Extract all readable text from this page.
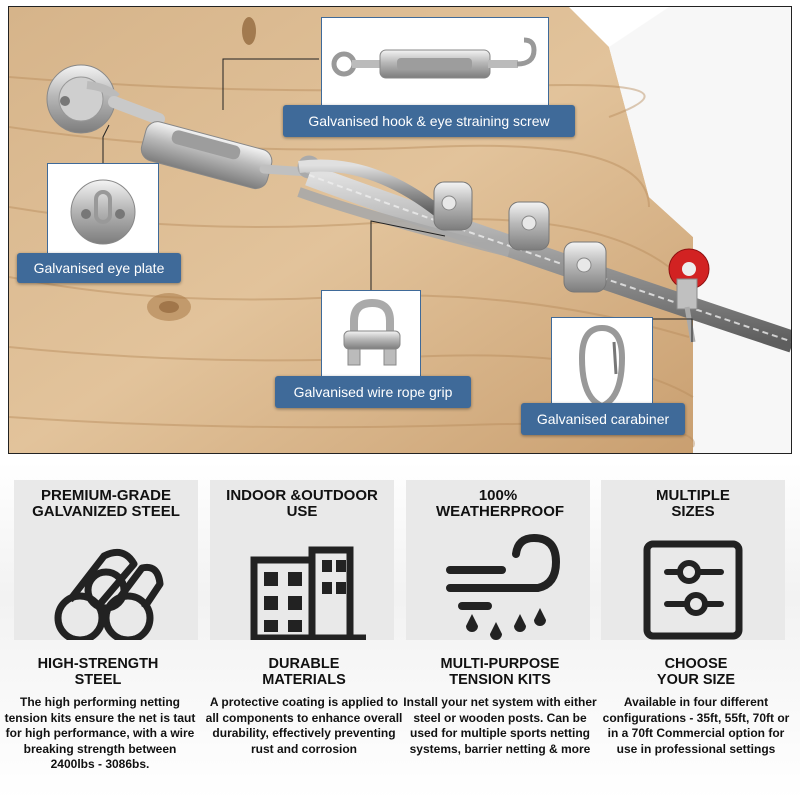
Galvanised hook & eye straining screw
Galvanised eye plate
Galvanised wire rope grip
Galvanised carabiner
PREMIUM-GRADE GALVANIZED STEEL
HIGH-STRENGTH STEEL
The high performing netting tension kits ensure the net is taut for high performance, with a wire breaking strength between 2400lbs - 3086bs.
INDOOR &OUTDOOR USE
DURABLE MATERIALS
A protective coating is applied to all components to enhance overall durability, effectively preventing rust and corrosion
100% WEATHERPROOF
MULTI-PURPOSE TENSION KITS
Install your net system with either steel or wooden posts. Can be used for multiple sports netting systems, barrier netting & more
MULTIPLE SIZES
CHOOSE YOUR SIZE
Available in four different configurations - 35ft, 55ft, 70ft or in a 70ft Commercial option for use in professional settings
